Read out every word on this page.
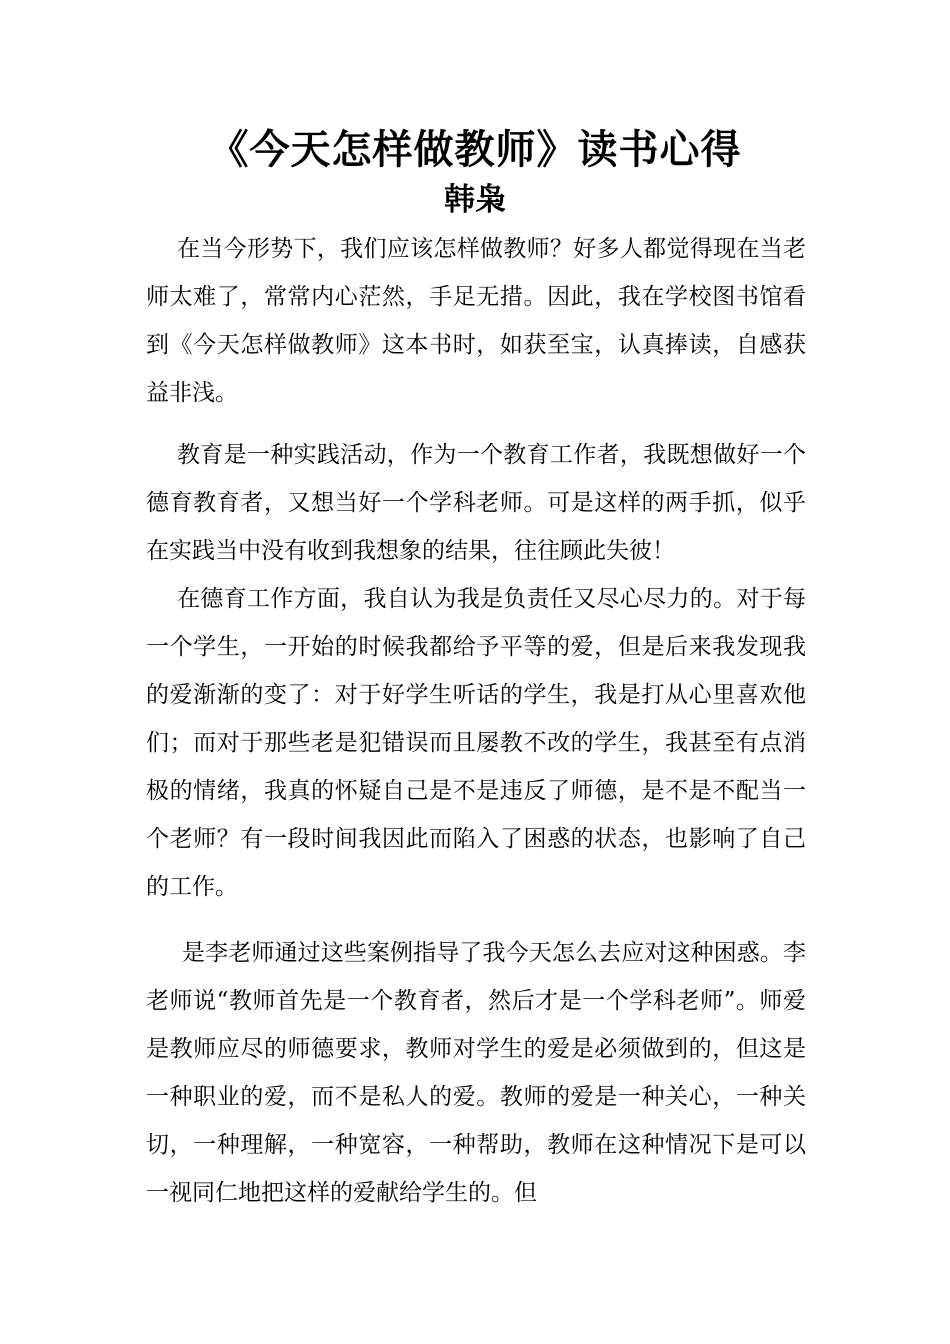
《今天怎样做教师》读书心得
韩枭

在当今形势下，我们应该怎样做教师？好多人都觉得现在当老师太难了，常常内心茫然，手足无措。因此，我在学校图书馆看到《今天怎样做教师》这本书时，如获至宝，认真捧读，自感获益非浅。

教育是一种实践活动，作为一个教育工作者，我既想做好一个德育教育者，又想当好一个学科老师。可是这样的两手抓，似乎在实践当中没有收到我想象的结果，往往顾此失彼！

在德育工作方面，我自认为我是负责任又尽心尽力的。对于每一个学生，一开始的时候我都给予平等的爱，但是后来我发现我的爱渐渐的变了：对于好学生听话的学生，我是打从心里喜欢他们；而对于那些老是犯错误而且屡教不改的学生，我甚至有点消极的情绪，我真的怀疑自己是不是违反了师德，是不是不配当一个老师？有一段时间我因此而陷入了困惑的状态，也影响了自己的工作。

是李老师通过这些案例指导了我今天怎么去应对这种困惑。李老师说“教师首先是一个教育者，然后才是一个学科老师”。师爱是教师应尽的师德要求，教师对学生的爱是必须做到的，但这是一种职业的爱，而不是私人的爱。教师的爱是一种关心，一种关切，一种理解，一种宽容，一种帮助，教师在这种情况下是可以一视同仁地把这样的爱献给学生的。但
